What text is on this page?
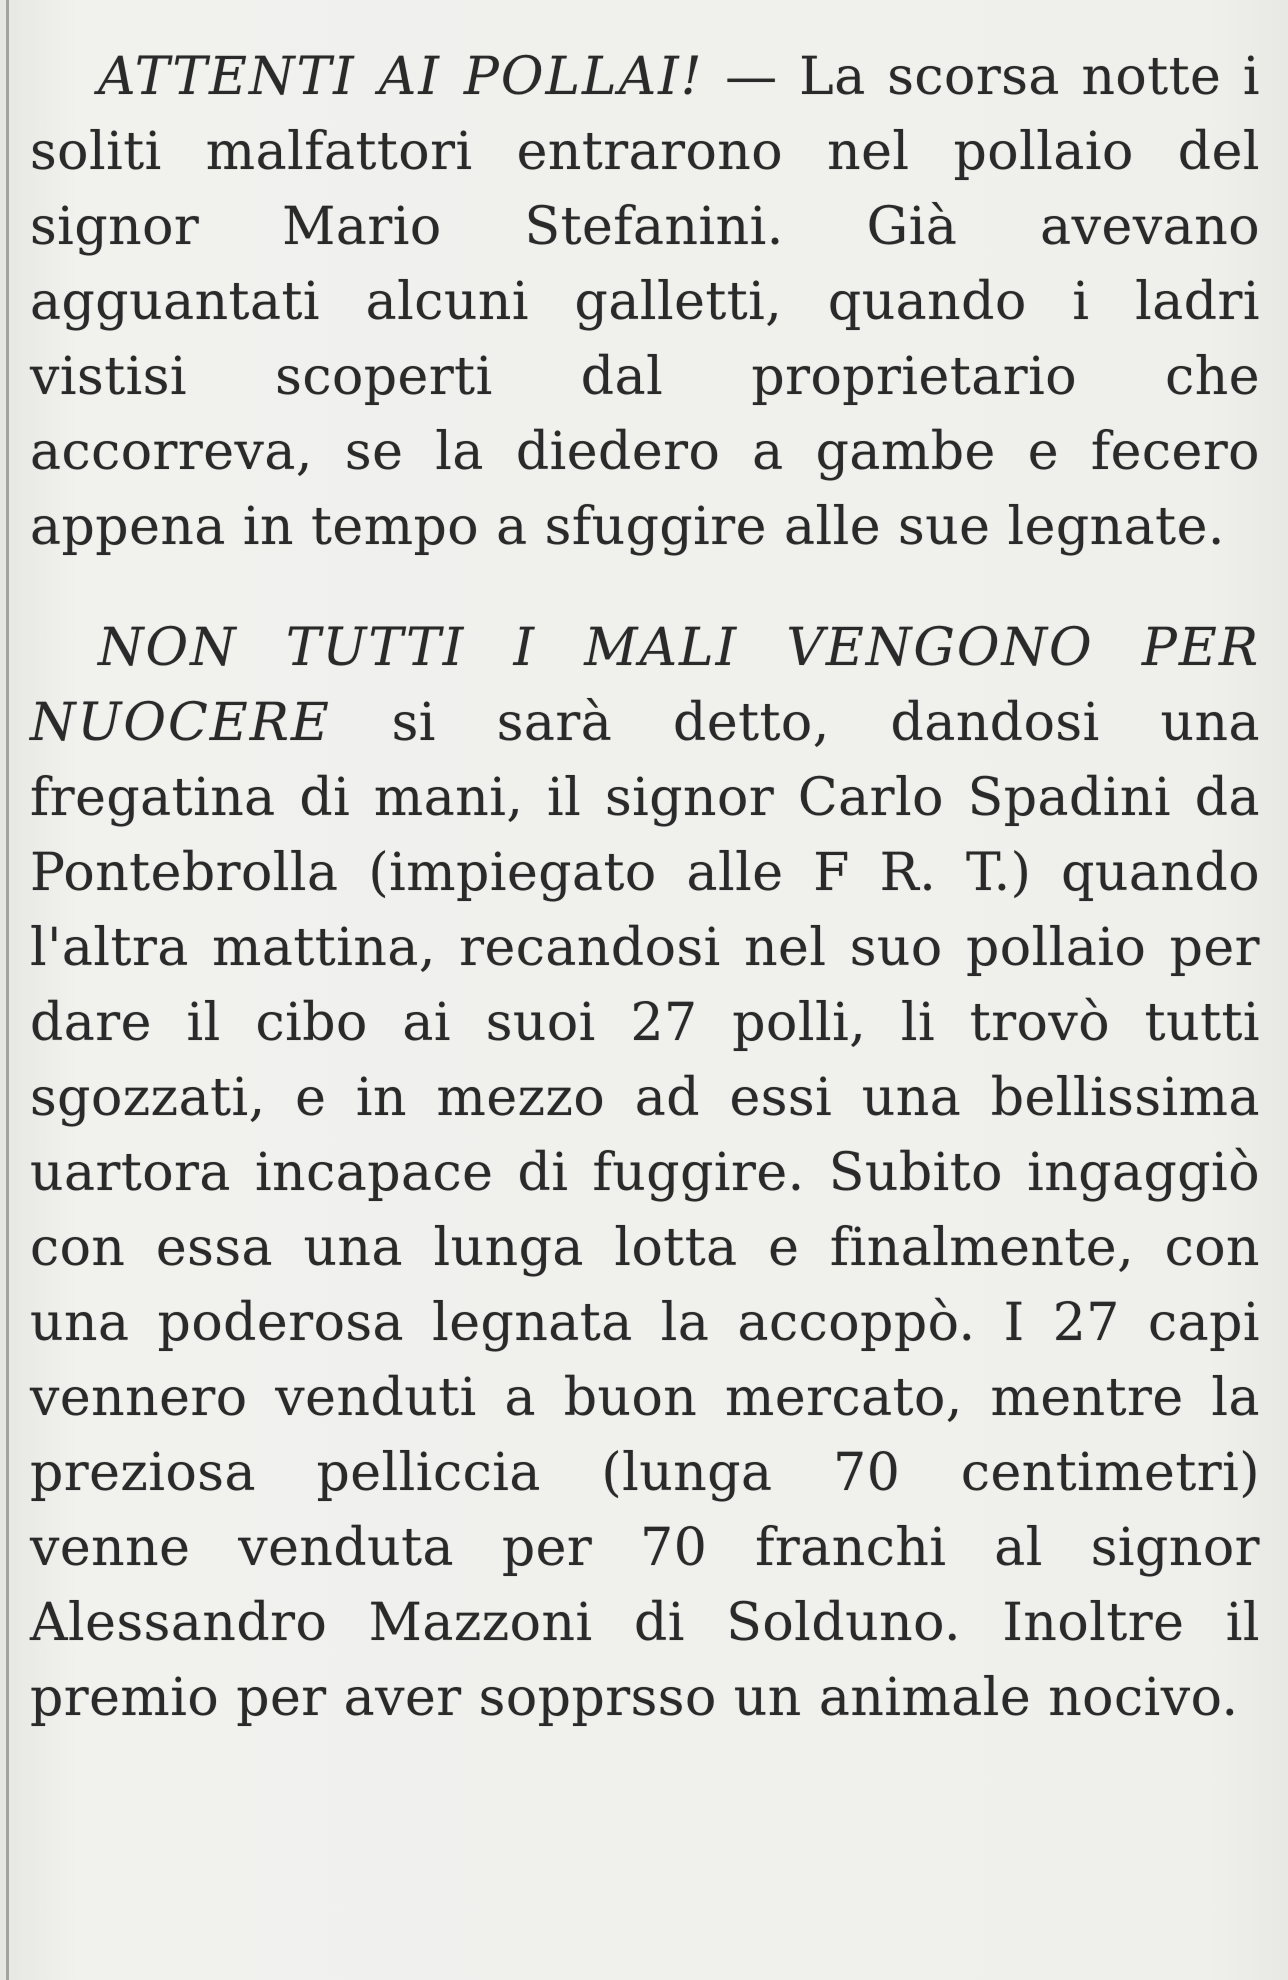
ATTENTI AI POLLAI! — La scorsa notte i soliti malfattori entrarono nel pollaio del signor Mario Stefanini. Già avevano agguantati alcuni galletti, quando i ladri vistisi scoperti dal proprietario che accorreva, se la diedero a gambe e fecero appena in tempo a sfuggire alle sue legnate.

NON TUTTI I MALI VENGONO PER NUOCERE si sarà detto, dandosi una fregatina di mani, il signor Carlo Spadini da Pontebrolla (impiegato alle F R. T.) quando l'altra mattina, recandosi nel suo pollaio per dare il cibo ai suoi 27 polli, li trovò tutti sgozzati, e in mezzo ad essi una bellissima uartora incapace di fuggire. Subito ingaggiò con essa una lunga lotta e finalmente, con una poderosa legnata la accoppò. I 27 capi vennero venduti a buon mercato, mentre la preziosa pelliccia (lunga 70 centimetri) venne venduta per 70 franchi al signor Alessandro Mazzoni di Solduno. Inoltre il premio per aver sopprsso un animale nocivo.
